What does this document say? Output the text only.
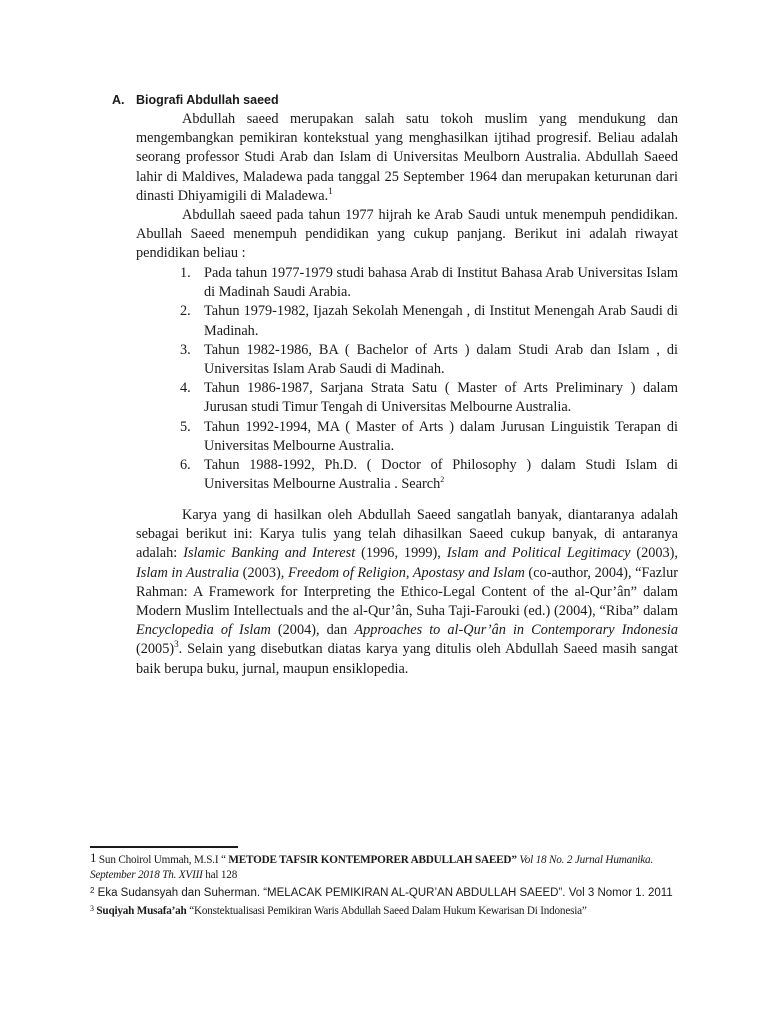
A. Biografi Abdullah saeed

Abdullah saeed merupakan salah satu tokoh muslim yang mendukung dan mengembangkan pemikiran kontekstual yang menghasilkan ijtihad progresif. Beliau adalah seorang professor Studi Arab dan Islam di Universitas Meulborn Australia. Abdullah Saeed lahir di Maldives, Maladewa pada tanggal 25 September 1964 dan merupakan keturunan dari dinasti Dhiyamigili di Maladewa.$^1$

Abdullah saeed pada tahun 1977 hijrah ke Arab Saudi untuk menempuh pendidikan. Abullah Saeed menempuh pendidikan yang cukup panjang. Berikut ini adalah riwayat pendidikan beliau :

1. Pada tahun 1977-1979 studi bahasa Arab di Institut Bahasa Arab Universitas Islam di Madinah Saudi Arabia.
2. Tahun 1979-1982, Ijazah Sekolah Menengah , di Institut Menengah Arab Saudi di Madinah.
3. Tahun 1982-1986, BA ( Bachelor of Arts ) dalam Studi Arab dan Islam , di Universitas Islam Arab Saudi di Madinah.
4. Tahun 1986-1987, Sarjana Strata Satu ( Master of Arts Preliminary ) dalam Jurusan studi Timur Tengah di Universitas Melbourne Australia.
5. Tahun 1992-1994, MA ( Master of Arts ) dalam Jurusan Linguistik Terapan di Universitas Melbourne Australia.
6. Tahun 1988-1992, Ph.D. ( Doctor of Philosophy ) dalam Studi Islam di Universitas Melbourne Australia . Search$^2$

Karya yang di hasilkan oleh Abdullah Saeed sangatlah banyak, diantaranya adalah sebagai berikut ini: Karya tulis yang telah dihasilkan Saeed cukup banyak, di antaranya adalah: Islamic Banking and Interest (1996, 1999), Islam and Political Legitimacy (2003), Islam in Australia (2003), Freedom of Religion, Apostasy and Islam (co-author, 2004), “Fazlur Rahman: A Framework for Interpreting the Ethico-Legal Content of the al-Qur’ân” dalam Modern Muslim Intellectuals and the al-Qur’ân, Suha Taji-Farouki (ed.) (2004), “Riba” dalam Encyclopedia of Islam (2004), dan Approaches to al-Qur’ân in Contemporary Indonesia $(2005)^3$. Selain yang disebutkan diatas karya yang ditulis oleh Abdullah Saeed masih sangat baik berupa buku, jurnal, maupun ensiklopedia.

1 Sun Choirol Ummah, M.S.I “ METODE TAFSIR KONTEMPORER ABDULLAH SAEED” Vol 18 No. 2 Jurnal Humanika. September 2018 Th. XVIII hal 128

$^2$ Eka Sudansyah dan Suherman. “MELACAK PEMIKIRAN AL-QUR’AN ABDULLAH SAEED”. Vol 3 Nomor 1. 2011

$^3$ Suqiyah Musafa’ah “Konstektualisasi Pemikiran Waris Abdullah Saeed Dalam Hukum Kewarisan Di Indonesia”
